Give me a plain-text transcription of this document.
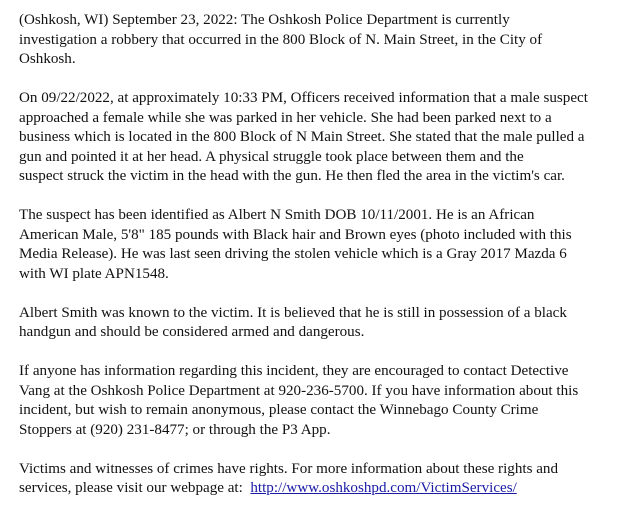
(Oshkosh, WI) September 23, 2022: The Oshkosh Police Department is currently
investigation a robbery that occurred in the 800 Block of N. Main Street, in the City of
Oshkosh.

On 09/22/2022, at approximately 10:33 PM, Officers received information that a male suspect
approached a female while she was parked in her vehicle. She had been parked next to a
business which is located in the 800 Block of N Main Street. She stated that the male pulled a
gun and pointed it at her head. A physical struggle took place between them and the
suspect struck the victim in the head with the gun. He then fled the area in the victim's car.

The suspect has been identified as Albert N Smith DOB 10/11/2001. He is an African
American Male, 5'8" 185 pounds with Black hair and Brown eyes (photo included with this
Media Release). He was last seen driving the stolen vehicle which is a Gray 2017 Mazda 6
with WI plate APN1548.

Albert Smith was known to the victim. It is believed that he is still in possession of a black
handgun and should be considered armed and dangerous.

If anyone has information regarding this incident, they are encouraged to contact Detective
Vang at the Oshkosh Police Department at 920-236-5700. If you have information about this
incident, but wish to remain anonymous, please contact the Winnebago County Crime
Stoppers at (920) 231-8477; or through the P3 App.

Victims and witnesses of crimes have rights. For more information about these rights and
services, please visit our webpage at:  http://www.oshkoshpd.com/VictimServices/
